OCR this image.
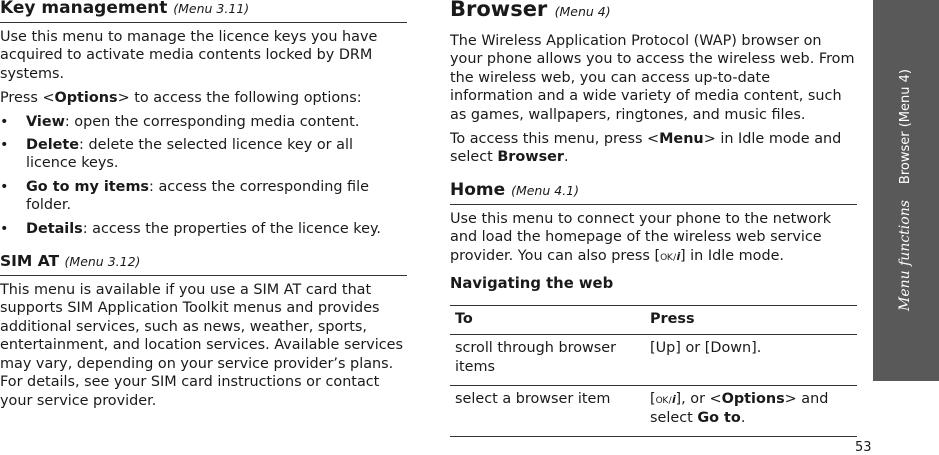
Key management (Menu 3.11)

Use this menu to manage the licence keys you have acquired to activate media contents locked by DRM systems.

Press <Options> to access the following options:

• View: open the corresponding media content.
• Delete: delete the selected licence key or all licence keys.
• Go to my items: access the corresponding file folder.
• Details: access the properties of the licence key.
SIM AT (Menu 3.12)

This menu is available if you use a SIM AT card that supports SIM Application Toolkit menus and provides additional services, such as news, weather, sports, entertainment, and location services. Available services may vary, depending on your service provider’s plans. For details, see your SIM card instructions or contact your service provider.

Browser (Menu 4)

The Wireless Application Protocol (WAP) browser on your phone allows you to access the wireless web. From the wireless web, you can access up-to-date information and a wide variety of media content, such as games, wallpapers, ringtones, and music files.

To access this menu, press <Menu> in Idle mode and select Browser.

Home (Menu 4.1)

Use this menu to connect your phone to the network and load the homepage of the wireless web service provider. You can also press [OK/i] in Idle mode.

Navigating the web
To	Press
scroll through browser items	[Up] or [Down].
select a browser item	[OK/i], or <Options> and select Go to.
Menu functionsBrowser (Menu 4)
53
